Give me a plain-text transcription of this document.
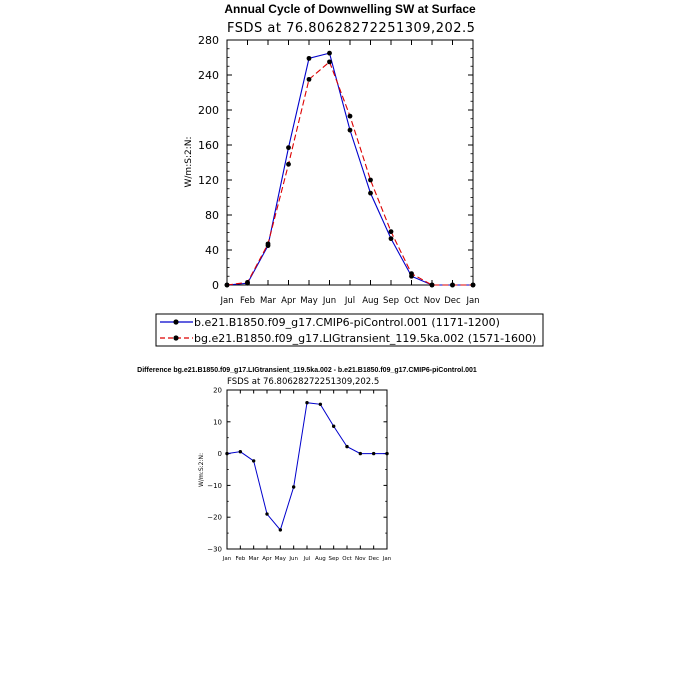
Annual Cycle of Downwelling SW at Surface
FSDS at 76.80628272251309,202.5
W/m:S:2:N:
0
40
80
120
160
200
240
280
Jan Feb Mar Apr May Jun Jul Aug Sep Oct Nov Dec Jan
b.e21.B1850.f09_g17.CMIP6-piControl.001 (1171-1200)
bg.e21.B1850.f09_g17.LIGtransient_119.5ka.002 (1571-1600)
Difference bg.e21.B1850.f09_g17.LIGtransient_119.5ka.002 - b.e21.B1850.f09_g17.CMIP6-piControl.001
FSDS at 76.80628272251309,202.5
W/m:S:2:N:
−30
−20
−10
0
10
20
Jan Feb Mar Apr May Jun Jul Aug Sep Oct Nov Dec Jan
